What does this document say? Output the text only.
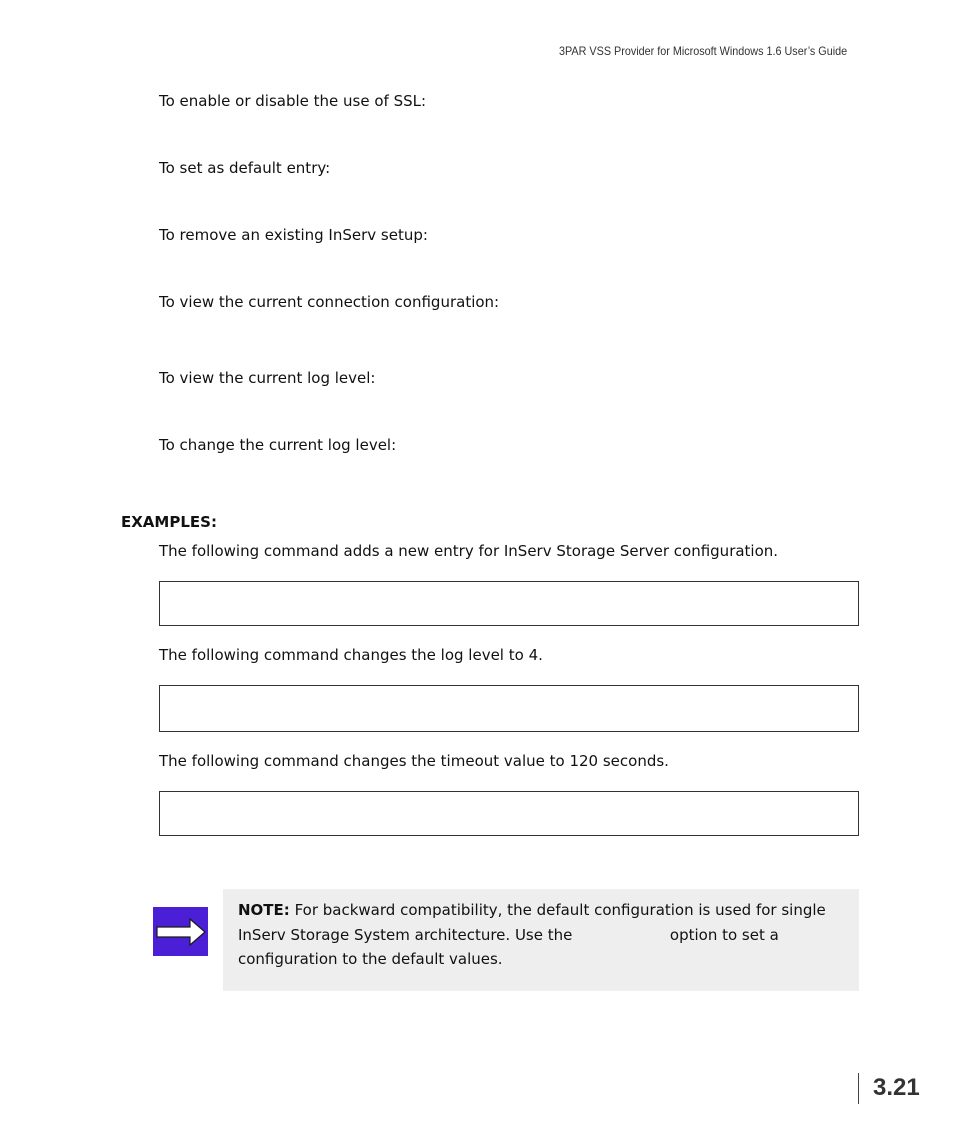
3PAR VSS Provider for Microsoft Windows 1.6 User’s Guide
To enable or disable the use of SSL:
To set as default entry:
To remove an existing InServ setup:
To view the current connection configuration:
To view the current log level:
To change the current log level:
EXAMPLES:
The following command adds a new entry for InServ Storage Server configuration.
The following command changes the log level to 4.
The following command changes the timeout value to 120 seconds.
NOTE: For backward compatibility, the default configuration is used for single
InServ Storage System architecture. Use the	option to set a
configuration to the default values.
3.21
